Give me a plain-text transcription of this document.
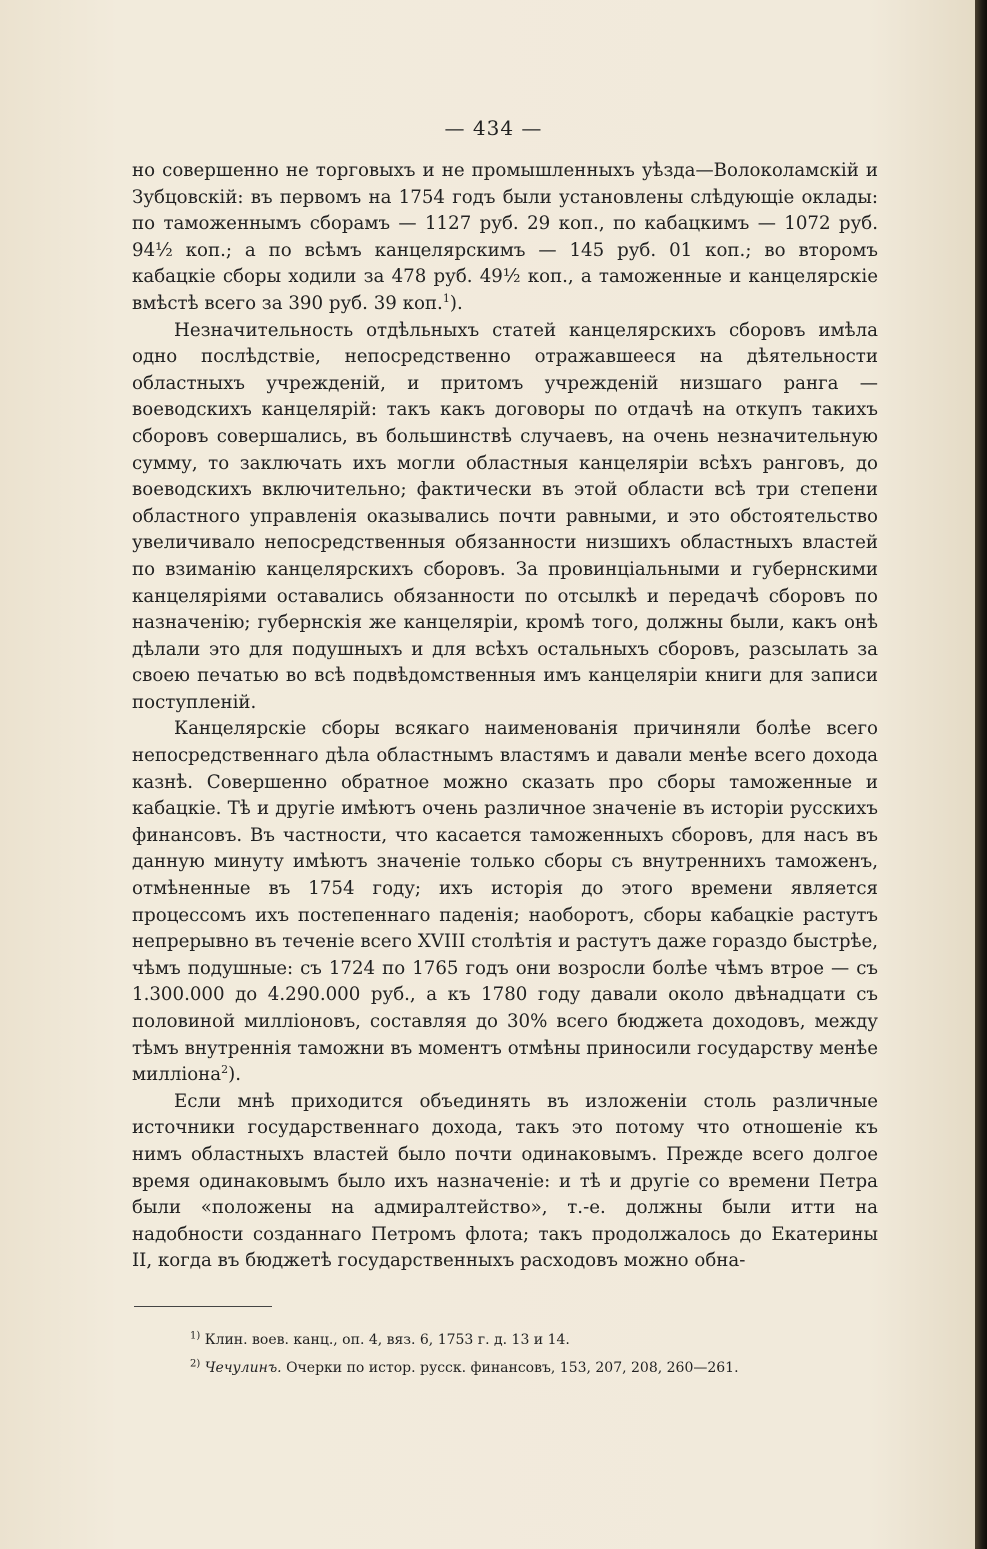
— 434 —

но совершенно не торговыхъ и не промышленныхъ уѣзда—Волоколамскій и Зубцовскій: въ первомъ на 1754 годъ были установлены слѣдующіе оклады: по таможеннымъ сборамъ — 1127 руб. 29 коп., по кабацкимъ — 1072 руб. 94½ коп.; а по всѣмъ канцелярскимъ — 145 руб. 01 коп.; во второмъ кабацкіе сборы ходили за 478 руб. 49½ коп., а таможенные и канцелярскіе вмѣстѣ всего за 390 руб. 39 коп.$^1$).

Незначительность отдѣльныхъ статей канцелярскихъ сборовъ имѣла одно послѣдствіе, непосредственно отражавшееся на дѣятельности областныхъ учрежденій, и притомъ учрежденій низшаго ранга — воеводскихъ канцелярій: такъ какъ договоры по отдачѣ на откупъ такихъ сборовъ совершались, въ большинствѣ случаевъ, на очень незначительную сумму, то заключать ихъ могли областныя канцеляріи всѣхъ ранговъ, до воеводскихъ включительно; фактически въ этой области всѣ три степени областного управленія оказывались почти равными, и это обстоятельство увеличивало непосредственныя обязанности низшихъ областныхъ властей по взиманію канцелярскихъ сборовъ. За провинціальными и губернскими канцеляріями оставались обязанности по отсылкѣ и передачѣ сборовъ по назначенію; губернскія же канцеляріи, кромѣ того, должны были, какъ онѣ дѣлали это для подушныхъ и для всѣхъ остальныхъ сборовъ, разсылать за своею печатью во всѣ подвѣдомственныя имъ канцеляріи книги для записи поступленій.

Канцелярскіе сборы всякаго наименованія причиняли болѣе всего непосредственнаго дѣла областнымъ властямъ и давали менѣе всего дохода казнѣ. Совершенно обратное можно сказать про сборы таможенные и кабацкіе. Тѣ и другіе имѣютъ очень различное значеніе въ исторіи русскихъ финансовъ. Въ частности, что касается таможенныхъ сборовъ, для насъ въ данную минуту имѣютъ значеніе только сборы съ внутреннихъ таможенъ, отмѣненные въ 1754 году; ихъ исторія до этого времени является процессомъ ихъ постепеннаго паденія; наоборотъ, сборы кабацкіе растутъ непрерывно въ теченіе всего XVIII столѣтія и растутъ даже гораздо быстрѣе, чѣмъ подушные: съ 1724 по 1765 годъ они возросли болѣе чѣмъ втрое — съ 1.300.000 до 4.290.000 руб., а къ 1780 году давали около двѣнадцати съ половиной милліоновъ, составляя до 30% всего бюджета доходовъ, между тѣмъ внутреннія таможни въ моментъ отмѣны приносили государству менѣе милліона$^2$).

Если мнѣ приходится объединять въ изложеніи столь различные источники государственнаго дохода, такъ это потому что отношеніе къ нимъ областныхъ властей было почти одинаковымъ. Прежде всего долгое время одинаковымъ было ихъ назначеніе: и тѣ и другіе со времени Петра были «положены на адмиралтейство», т.-е. должны были итти на надобности созданнаго Петромъ флота; такъ продолжалось до Екатерины II, когда въ бюджетѣ государственныхъ расходовъ можно обна-

$^{1)}$ Клин. воев. канц., оп. 4, вяз. 6, 1753 г. д. 13 и 14.
$^{2)}$ Чечулинъ. Очерки по истор. русск. финансовъ, 153, 207, 208, 260—261.
